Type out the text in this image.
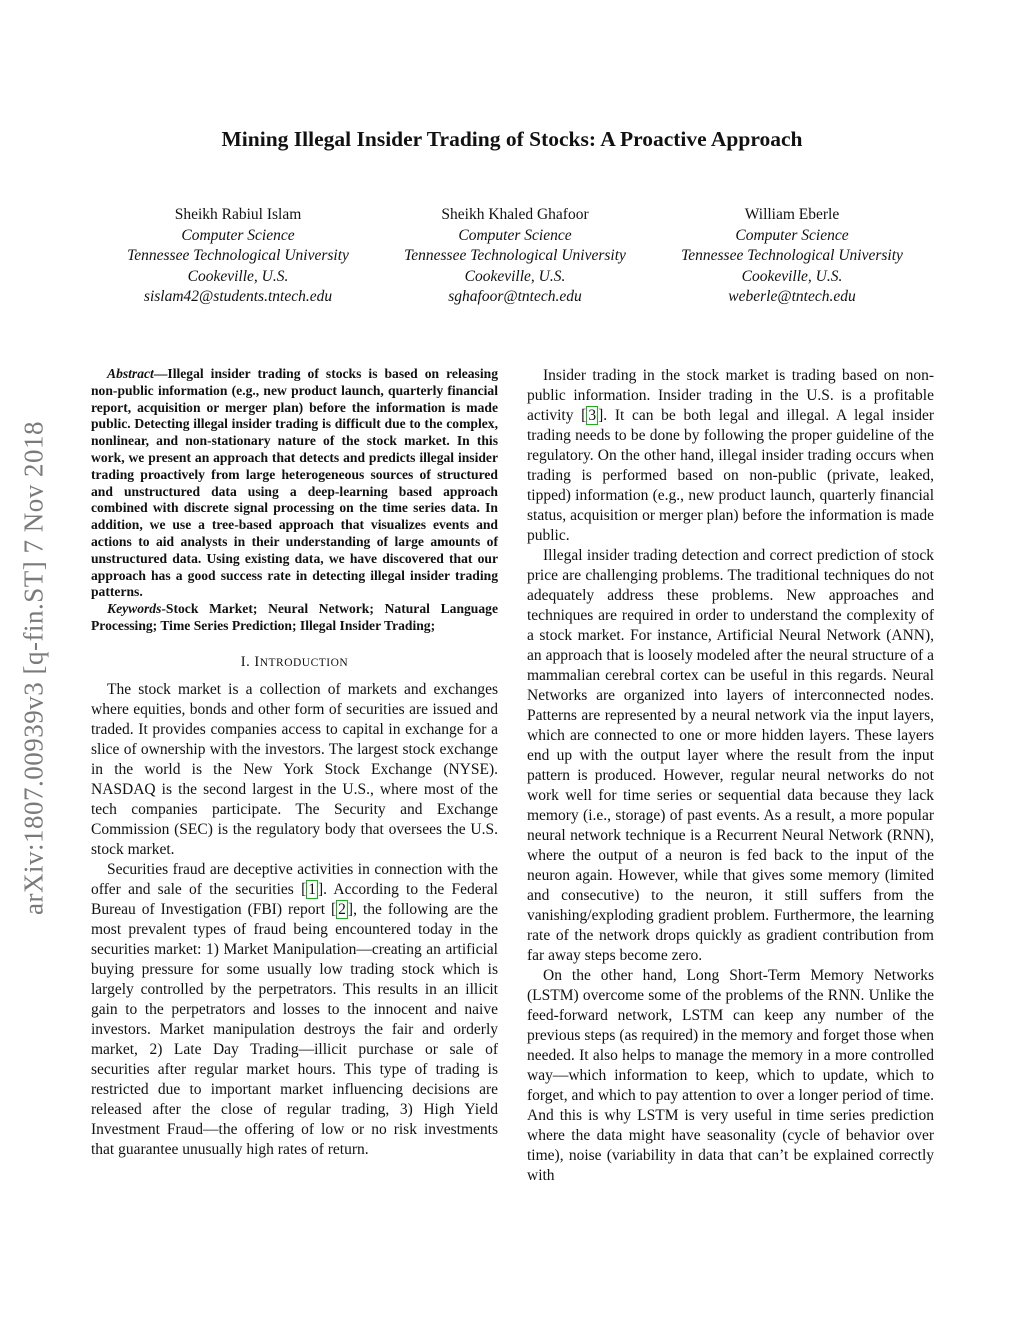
arXiv:1807.00939v3 [q-fin.ST] 7 Nov 2018
Mining Illegal Insider Trading of Stocks: A Proactive Approach
Sheikh Rabiul Islam
Computer Science
Tennessee Technological University
Cookeville, U.S.
sislam42@students.tntech.edu
Sheikh Khaled Ghafoor
Computer Science
Tennessee Technological University
Cookeville, U.S.
sghafoor@tntech.edu
William Eberle
Computer Science
Tennessee Technological University
Cookeville, U.S.
weberle@tntech.edu

Abstract—Illegal insider trading of stocks is based on releasing non-public information (e.g., new product launch, quarterly financial report, acquisition or merger plan) before the information is made public. Detecting illegal insider trading is difficult due to the complex, nonlinear, and non-stationary nature of the stock market. In this work, we present an approach that detects and predicts illegal insider trading proactively from large heterogeneous sources of structured and unstructured data using a deep-learning based approach combined with discrete signal processing on the time series data. In addition, we use a tree-based approach that visualizes events and actions to aid analysts in their understanding of large amounts of unstructured data. Using existing data, we have discovered that our approach has a good success rate in detecting illegal insider trading patterns.

Keywords-Stock Market; Neural Network; Natural Language Processing; Time Series Prediction; Illegal Insider Trading;

I. INTRODUCTION

The stock market is a collection of markets and exchanges where equities, bonds and other form of securities are issued and traded. It provides companies access to capital in exchange for a slice of ownership with the investors. The largest stock exchange in the world is the New York Stock Exchange (NYSE). NASDAQ is the second largest in the U.S., where most of the tech companies participate. The Security and Exchange Commission (SEC) is the regulatory body that oversees the U.S. stock market.

Securities fraud are deceptive activities in connection with the offer and sale of the securities [ 1 ]. According to the Federal Bureau of Investigation (FBI) report [ 2 ], the following are the most prevalent types of fraud being encountered today in the securities market: 1) Market Manipulation—creating an artificial buying pressure for some usually low trading stock which is largely controlled by the perpetrators. This results in an illicit gain to the perpetrators and losses to the innocent and naive investors. Market manipulation destroys the fair and orderly market, 2) Late Day Trading—illicit purchase or sale of securities after regular market hours. This type of trading is restricted due to important market influencing decisions are released after the close of regular trading, 3) High Yield Investment Fraud—the offering of low or no risk investments that guarantee unusually high rates of return.

Insider trading in the stock market is trading based on non-public information. Insider trading in the U.S. is a profitable activity [ 3 ]. It can be both legal and illegal. A legal insider trading needs to be done by following the proper guideline of the regulatory. On the other hand, illegal insider trading occurs when trading is performed based on non-public (private, leaked, tipped) information (e.g., new product launch, quarterly financial status, acquisition or merger plan) before the information is made public.

Illegal insider trading detection and correct prediction of stock price are challenging problems. The traditional techniques do not adequately address these problems. New approaches and techniques are required in order to understand the complexity of a stock market. For instance, Artificial Neural Network (ANN), an approach that is loosely modeled after the neural structure of a mammalian cerebral cortex can be useful in this regards. Neural Networks are organized into layers of interconnected nodes. Patterns are represented by a neural network via the input layers, which are connected to one or more hidden layers. These layers end up with the output layer where the result from the input pattern is produced. However, regular neural networks do not work well for time series or sequential data because they lack memory (i.e., storage) of past events. As a result, a more popular neural network technique is a Recurrent Neural Network (RNN), where the output of a neuron is fed back to the input of the neuron again. However, while that gives some memory (limited and consecutive) to the neuron, it still suffers from the vanishing/exploding gradient problem. Furthermore, the learning rate of the network drops quickly as gradient contribution from far away steps become zero.

On the other hand, Long Short-Term Memory Networks (LSTM) overcome some of the problems of the RNN. Unlike the feed-forward network, LSTM can keep any number of the previous steps (as required) in the memory and forget those when needed. It also helps to manage the memory in a more controlled way—which information to keep, which to update, which to forget, and which to pay attention to over a longer period of time. And this is why LSTM is very useful in time series prediction where the data might have seasonality (cycle of behavior over time), noise (variability in data that can’t be explained correctly with
